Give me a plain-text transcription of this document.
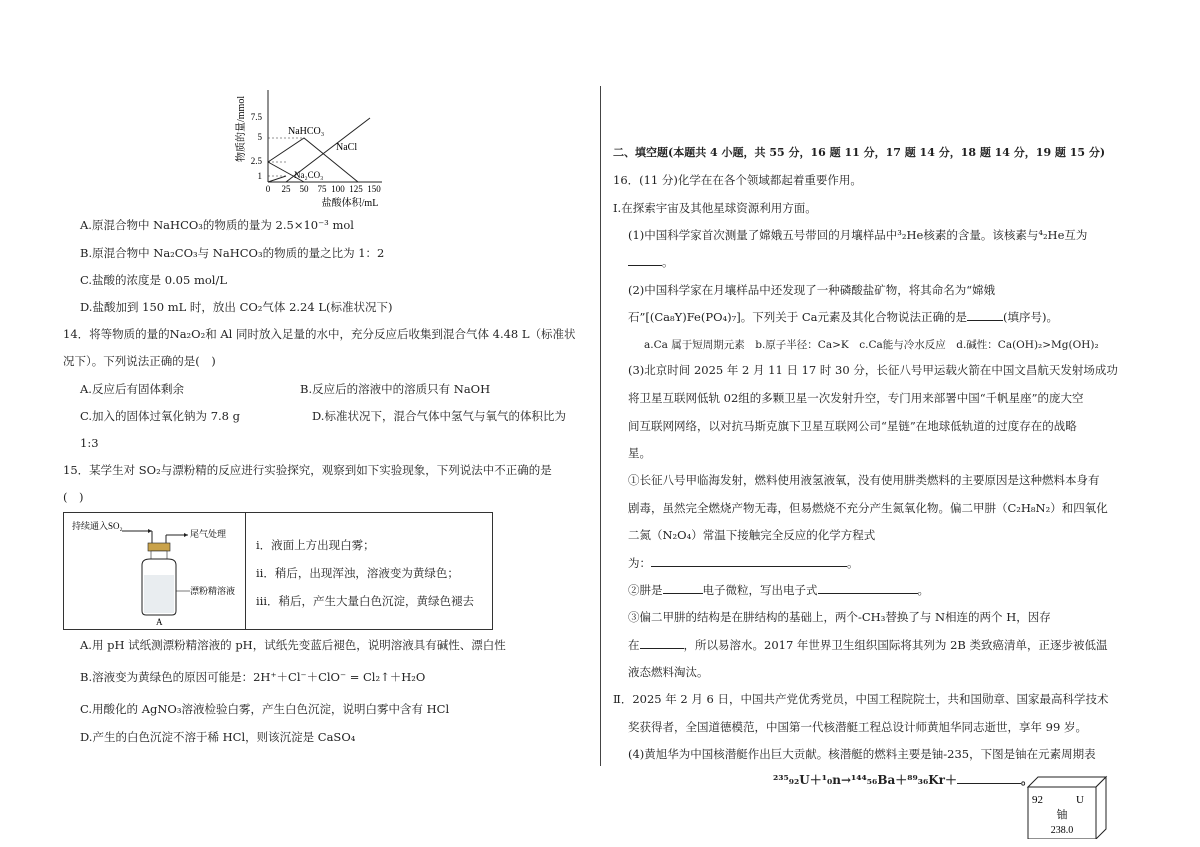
物质的量/mmol 7.5
5
2.5
1
NaHCO₃
NaCl
Na₂CO₃
0 25 50 75 100 125 150
盐酸体积/mL
A.原混合物中 NaHCO₃的物质的量为 2.5×10⁻³ mol
B.原混合物中 Na₂CO₃与 NaHCO₃的物质的量之比为 1：2
C.盐酸的浓度是 0.05 mol/L
D.盐酸加到 150 mL 时，放出 CO₂气体 2.24 L(标准状况下)
14．将等物质的量的Na₂O₂和 Al 同时放入足量的水中，充分反应后收集到混合气体 4.48 L（标准状
况下）。下列说法正确的是(　)
A.反应后有固体剩余	B.反应后的溶液中的溶质只有 NaOH
C.加入的固体过氧化钠为 7.8 g	D.标准状况下，混合气体中氢气与氧气的体积比为
1:3
15．某学生对 SO₂与漂粉精的反应进行实验探究，观察到如下实验现象，下列说法中不正确的是
(　)
持续通入SO₂
尾气处理
漂粉精溶液
A
ⅰ．液面上方出现白雾；
ⅱ．稍后，出现浑浊，溶液变为黄绿色；
ⅲ．稍后，产生大量白色沉淀，黄绿色褪去
A.用 pH 试纸测漂粉精溶液的 pH，试纸先变蓝后褪色，说明溶液具有碱性、漂白性
B.溶液变为黄绿色的原因可能是：2H⁺＋Cl⁻＋ClO⁻ = Cl₂↑＋H₂O
C.用酸化的 AgNO₃溶液检验白雾，产生白色沉淀，说明白雾中含有 HCl
D.产生的白色沉淀不溶于稀 HCl，则该沉淀是 CaSO₄
二、填空题(本题共 4 小题，共 55 分，16 题 11 分，17 题 14 分，18 题 14 分，19 题 15 分)
16．(11 分)化学在在各个领域都起着重要作用。
Ⅰ.在探索宇宙及其他星球资源利用方面。
(1)中国科学家首次测量了嫦娥五号带回的月壤样品中³₂He核素的含量。该核素与⁴₂He互为
。
(2)中国科学家在月壤样品中还发现了一种磷酸盐矿物，将其命名为“嫦娥
石”[(Ca₈Y)Fe(PO₄)₇]。下列关于 Ca元素及其化合物说法正确的是	(填序号)。
a.Ca 属于短周期元素　b.原子半径：Ca>K　c.Ca能与冷水反应　d.碱性：Ca(OH)₂>Mg(OH)₂
(3)北京时间 2025 年 2 月 11 日 17 时 30 分，长征八号甲运载火箭在中国文昌航天发射场成功
将卫星互联网低轨 02组的多颗卫星一次发射升空，专门用来部署中国“千帆星座”的庞大空
间互联网网络，以对抗马斯克旗下卫星互联网公司“星链”在地球低轨道的过度存在的战略
星。
①长征八号甲临海发射，燃料使用液氢液氧，没有使用肼类燃料的主要原因是这种燃料本身有
剧毒，虽然完全燃烧产物无毒，但易燃烧不充分产生氮氧化物。偏二甲肼（C₂H₈N₂）和四氧化
二氮（N₂O₄）常温下接触完全反应的化学方程式
为：	。
②肼是	电子微粒，写出电子式	。
③偏二甲肼的结构是在肼结构的基础上，两个-CH₃替换了与 N相连的两个 H，因存
在	，所以易溶水。2017 年世界卫生组织国际将其列为 2B 类致癌清单，正逐步被低温
液态燃料淘汰。
Ⅱ．2025 年 2 月 6 日，中国共产党优秀党员，中国工程院院士，共和国勋章、国家最高科学技术
奖获得者，全国道德模范，中国第一代核潜艇工程总设计师黄旭华同志逝世，享年 99 岁。
(4)黄旭华为中国核潜艇作出巨大贡献。核潜艇的燃料主要是铀-235，下图是铀在元素周期表
²³⁵₉₂U＋¹₀n→¹⁴⁴₅₆Ba＋⁸⁹₃₆Kr＋	。
92	U
铀
238.0
